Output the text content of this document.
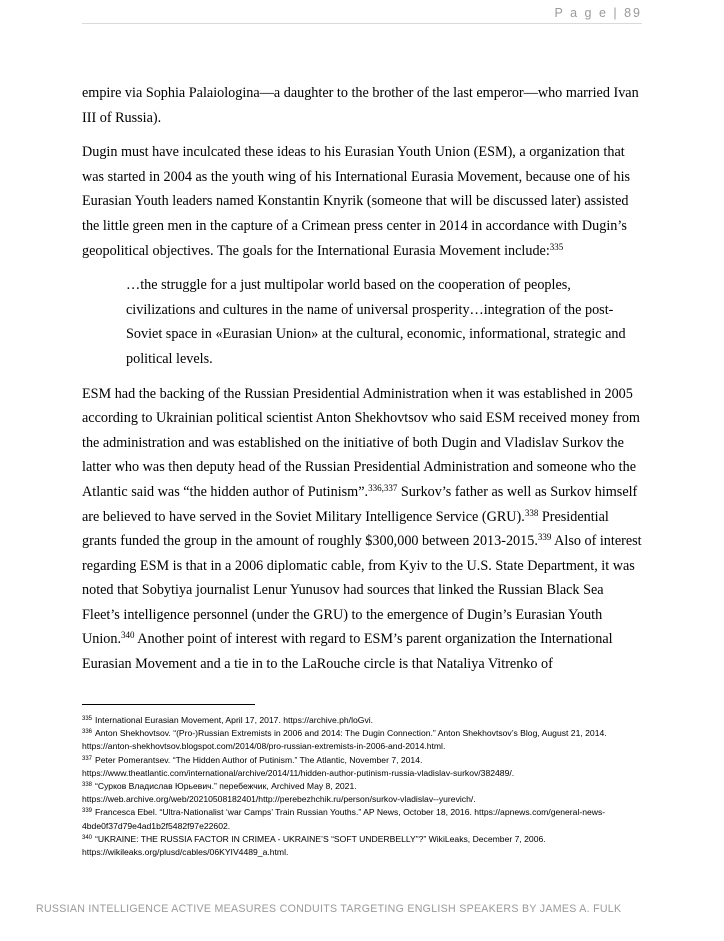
P a g e | 89

empire via Sophia Palaiologina—a daughter to the brother of the last emperor—who married Ivan III of Russia).

Dugin must have inculcated these ideas to his Eurasian Youth Union (ESM), a organization that was started in 2004 as the youth wing of his International Eurasia Movement, because one of his Eurasian Youth leaders named Konstantin Knyrik (someone that will be discussed later) assisted the little green men in the capture of a Crimean press center in 2014 in accordance with Dugin’s geopolitical objectives. The goals for the International Eurasia Movement include:$^{335}$

…the struggle for a just multipolar world based on the cooperation of peoples, civilizations and cultures in the name of universal prosperity…integration of the post-Soviet space in «Eurasian Union» at the cultural, economic, informational, strategic and political levels.

ESM had the backing of the Russian Presidential Administration when it was established in 2005 according to Ukrainian political scientist Anton Shekhovtsov who said ESM received money from the administration and was established on the initiative of both Dugin and Vladislav Surkov the latter who was then deputy head of the Russian Presidential Administration and someone who the Atlantic said was “the hidden author of Putinism”.$^{336,337}$ Surkov’s father as well as Surkov himself are believed to have served in the Soviet Military Intelligence Service (GRU).$^{338}$ Presidential grants funded the group in the amount of roughly $300,000 between 2013-2015.$^{339}$ Also of interest regarding ESM is that in a 2006 diplomatic cable, from Kyiv to the U.S. State Department, it was noted that Sobytiya journalist Lenur Yunusov had sources that linked the Russian Black Sea Fleet’s intelligence personnel (under the GRU) to the emergence of Dugin’s Eurasian Youth Union.$^{340}$ Another point of interest with regard to ESM’s parent organization the International Eurasian Movement and a tie in to the LaRouche circle is that Nataliya Vitrenko of

$^{335}$ International Eurasian Movement, April 17, 2017. https://archive.ph/loGvi.

$^{336}$ Anton Shekhovtsov. “(Pro-)Russian Extremists in 2006 and 2014: The Dugin Connection.” Anton Shekhovtsov’s Blog, August 21, 2014. https://anton-shekhovtsov.blogspot.com/2014/08/pro-russian-extremists-in-2006-and-2014.html.

$^{337}$ Peter Pomerantsev. “The Hidden Author of Putinism.” The Atlantic, November 7, 2014. https://www.theatlantic.com/international/archive/2014/11/hidden-author-putinism-russia-vladislav-surkov/382489/.

$^{338}$ “Сурков Владислав Юрьевич.” перебежчик, Archived May 8, 2021. https://web.archive.org/web/20210508182401/http://perebezhchik.ru/person/surkov-vladislav--yurevich/.

$^{339}$ Francesca Ebel. “Ultra-Nationalist ‘war Camps’ Train Russian Youths.” AP News, October 18, 2016. https://apnews.com/general-news-4bde0f37d79e4ad1b2f5482f97e22602.

$^{340}$ “UKRAINE: THE RUSSIA FACTOR IN CRIMEA - UKRAINE’S “SOFT UNDERBELLY”?” WikiLeaks, December 7, 2006. https://wikileaks.org/plusd/cables/06KYIV4489_a.html.

RUSSIAN INTELLIGENCE ACTIVE MEASURES CONDUITS TARGETING ENGLISH SPEAKERS BY JAMES A. FULK
